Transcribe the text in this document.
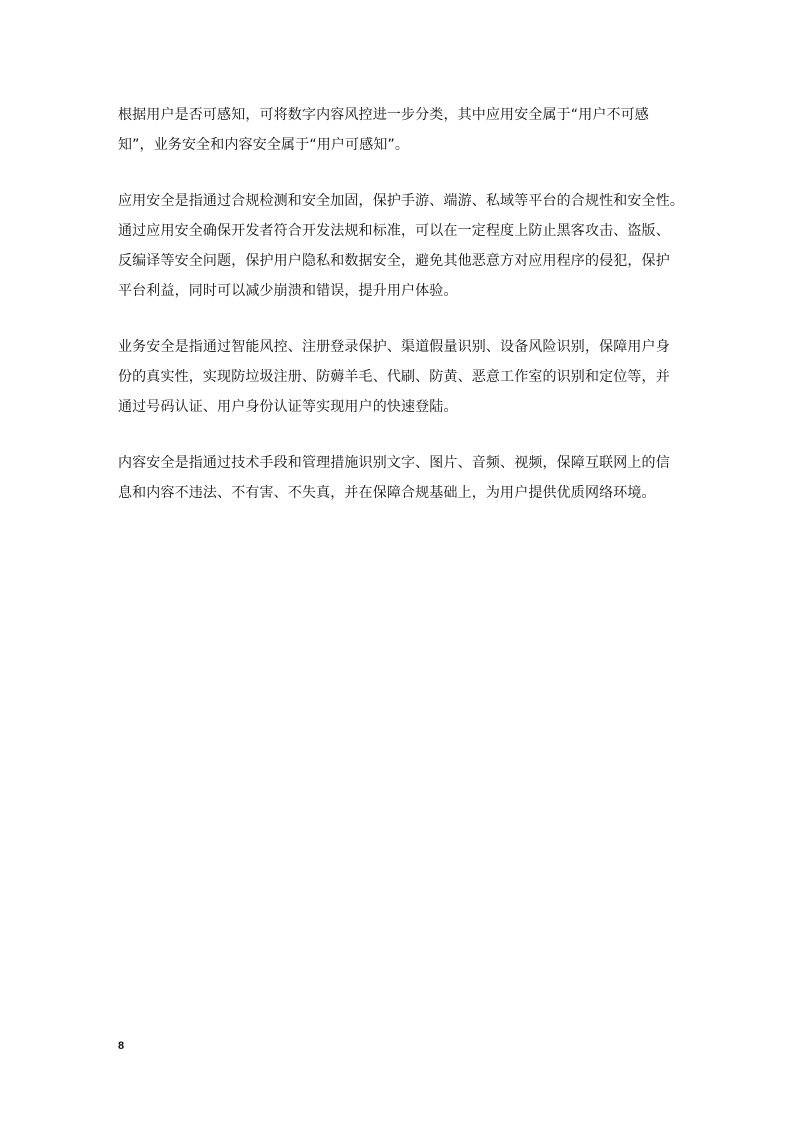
根据用户是否可感知，可将数字内容风控进一步分类，其中应用安全属于“用户不可感
知”，业务安全和内容安全属于“用户可感知”。

应用安全是指通过合规检测和安全加固，保护手游、端游、私域等平台的合规性和安全性。
通过应用安全确保开发者符合开发法规和标准，可以在一定程度上防止黑客攻击、盗版、
反编译等安全问题，保护用户隐私和数据安全，避免其他恶意方对应用程序的侵犯，保护
平台利益，同时可以减少崩溃和错误，提升用户体验。

业务安全是指通过智能风控、注册登录保护、渠道假量识别、设备风险识别，保障用户身
份的真实性，实现防垃圾注册、防薅羊毛、代刷、防黄、恶意工作室的识别和定位等，并
通过号码认证、用户身份认证等实现用户的快速登陆。

内容安全是指通过技术手段和管理措施识别文字、图片、音频、视频，保障互联网上的信
息和内容不违法、不有害、不失真，并在保障合规基础上，为用户提供优质网络环境。

8
